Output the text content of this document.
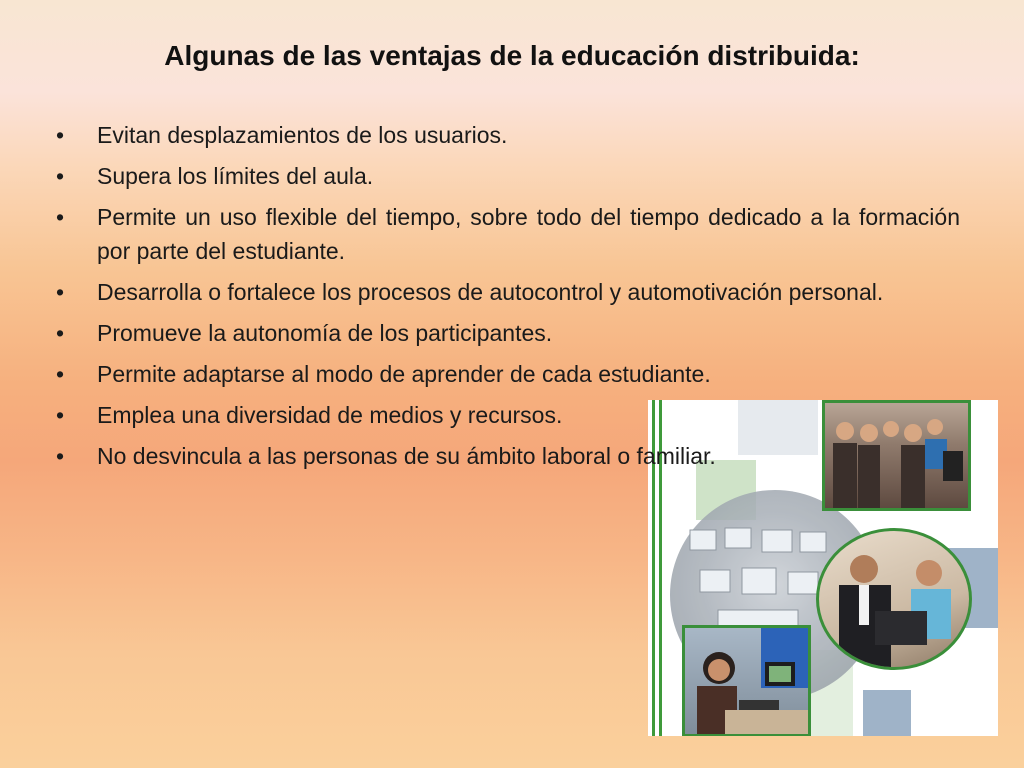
Algunas de las ventajas de la educación distribuida:
•	Evitan desplazamientos de los usuarios.
•	Supera los límites del aula.
•	Permite un uso flexible del tiempo, sobre todo del tiempo dedicado a la formación por parte del estudiante.
•	Desarrolla o fortalece los procesos de autocontrol y automotivación personal.
•	Promueve la autonomía de los participantes.
•	Permite adaptarse al modo de aprender de cada estudiante.
•	Emplea una diversidad de medios y recursos.
•	No desvincula a las personas de su ámbito laboral o familiar.
